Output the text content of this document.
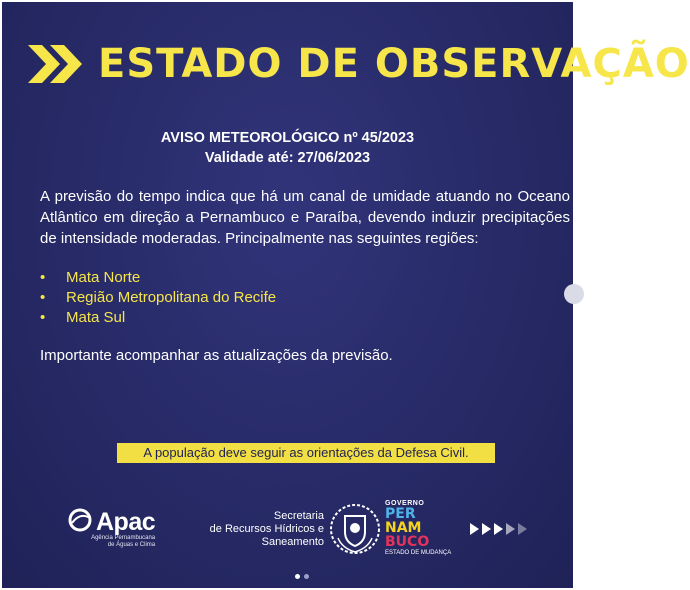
ESTADO DE OBSERVAÇÃO
AVISO METEOROLÓGICO nº 45/2023
Validade até: 27/06/2023
A previsão do tempo indica que há um canal de umidade atuando no Oceano Atlântico em direção a Pernambuco e Paraíba, devendo induzir precipitações de intensidade moderadas. Principalmente nas seguintes regiões:
•	Mata Norte
•	Região Metropolitana do Recife
•	Mata Sul
Importante acompanhar as atualizações da previsão.
A população deve seguir as orientações da Defesa Civil.
Apac
Agência Pernambucana
de Águas e Clima
Secretaria
de Recursos Hídricos e
Saneamento
GOVERNO
PER
NAM
BUCO
ESTADO DE MUDANÇA
